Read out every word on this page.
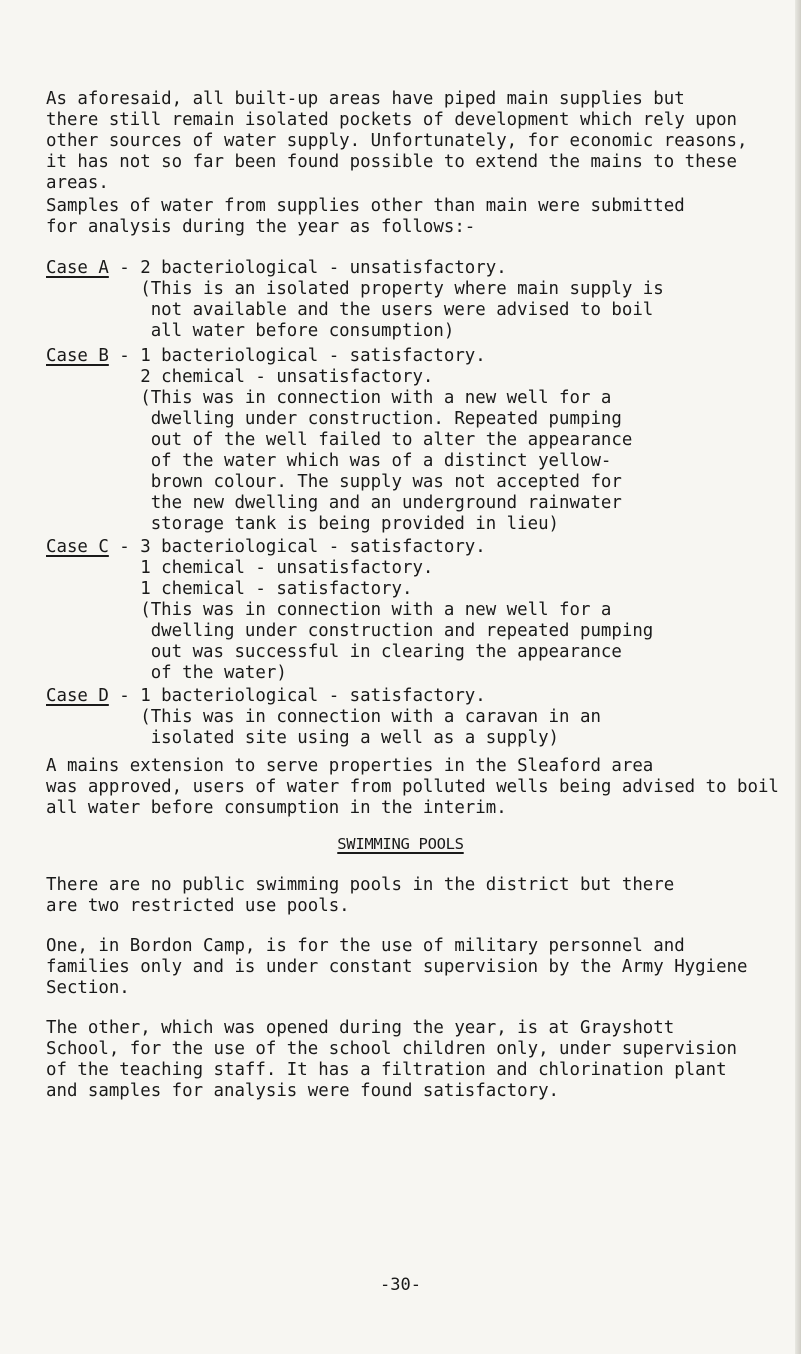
As aforesaid, all built-up areas have piped main supplies but
there still remain isolated pockets of development which rely upon
other sources of water supply. Unfortunately, for economic reasons,
it has not so far been found possible to extend the mains to these
areas.
Samples of water from supplies other than main were submitted
for analysis during the year as follows:-
Case A - 2 bacteriological - unsatisfactory.
(This is an isolated property where main supply is
not available and the users were advised to boil
all water before consumption)
Case B - 1 bacteriological - satisfactory.
2 chemical - unsatisfactory.
(This was in connection with a new well for a
dwelling under construction. Repeated pumping
out of the well failed to alter the appearance
of the water which was of a distinct yellow-
brown colour. The supply was not accepted for
the new dwelling and an underground rainwater
storage tank is being provided in lieu)
Case C - 3 bacteriological - satisfactory.
1 chemical - unsatisfactory.
1 chemical - satisfactory.
(This was in connection with a new well for a
dwelling under construction and repeated pumping
out was successful in clearing the appearance
of the water)
Case D - 1 bacteriological - satisfactory.
(This was in connection with a caravan in an
isolated site using a well as a supply)
A mains extension to serve properties in the Sleaford area
was approved, users of water from polluted wells being advised to boil
all water before consumption in the interim.
SWIMMING POOLS
There are no public swimming pools in the district but there
are two restricted use pools.
One, in Bordon Camp, is for the use of military personnel and
families only and is under constant supervision by the Army Hygiene
Section.
The other, which was opened during the year, is at Grayshott
School, for the use of the school children only, under supervision
of the teaching staff. It has a filtration and chlorination plant
and samples for analysis were found satisfactory.
-30-
